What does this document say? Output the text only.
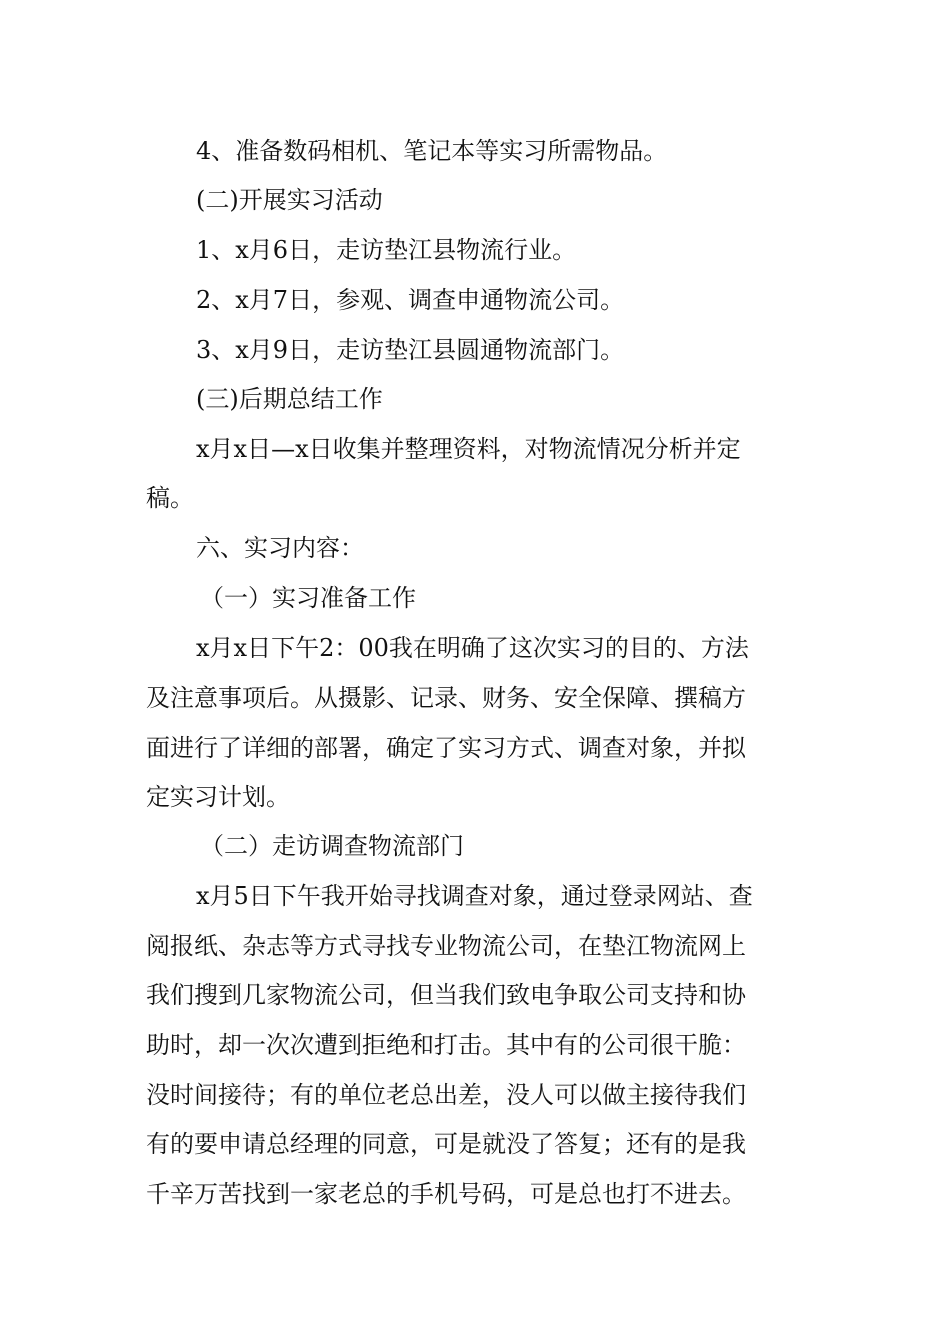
4、准备数码相机、笔记本等实习所需物品。
(二)开展实习活动
1、x月6日，走访垫江县物流行业。
2、x月7日，参观、调查申通物流公司。
3、x月9日，走访垫江县圆通物流部门。
(三)后期总结工作
x月x日—x日收集并整理资料，对物流情况分析并定
稿。
六、实习内容：
（一）实习准备工作
x月x日下午2：00我在明确了这次实习的目的、方法
及注意事项后。从摄影、记录、财务、安全保障、撰稿方
面进行了详细的部署，确定了实习方式、调查对象，并拟
定实习计划。
（二）走访调查物流部门
x月5日下午我开始寻找调查对象，通过登录网站、查
阅报纸、杂志等方式寻找专业物流公司，在垫江物流网上
我们搜到几家物流公司，但当我们致电争取公司支持和协
助时，却一次次遭到拒绝和打击。其中有的公司很干脆：
没时间接待；有的单位老总出差，没人可以做主接待我们
有的要申请总经理的同意，可是就没了答复；还有的是我
千辛万苦找到一家老总的手机号码，可是总也打不进去。
